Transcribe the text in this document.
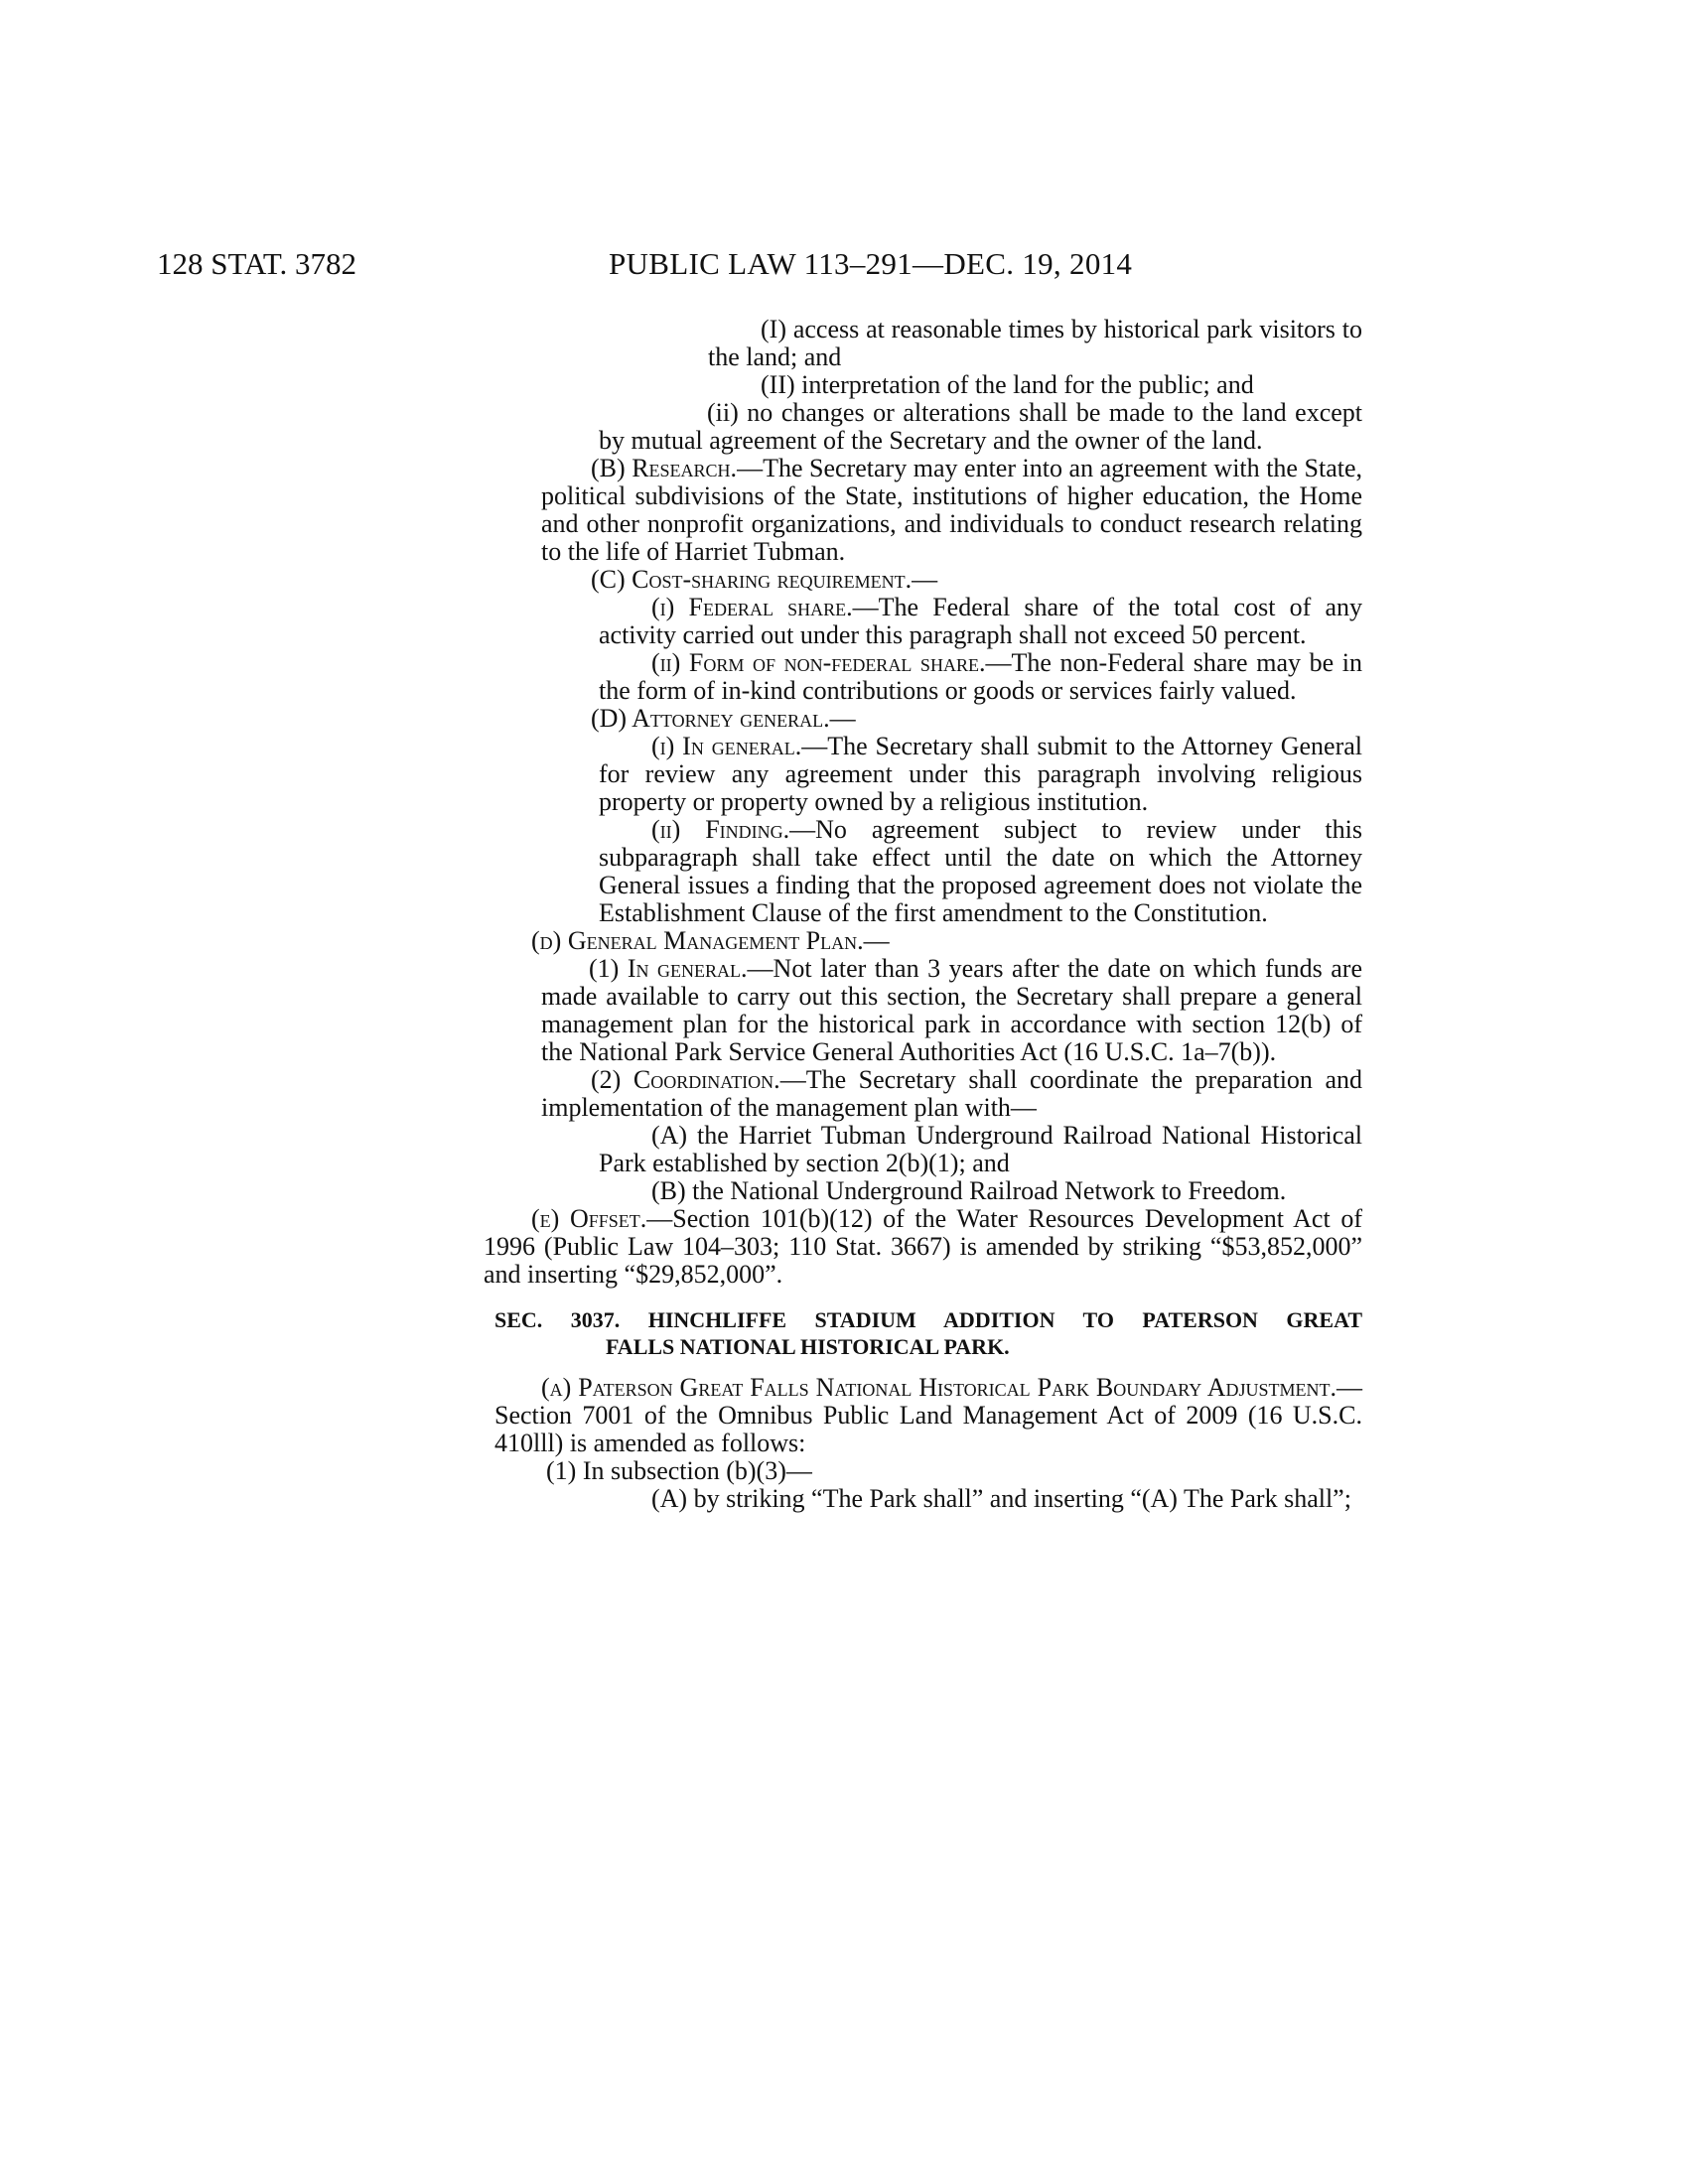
128 STAT. 3782	PUBLIC LAW 113–291—DEC. 19, 2014

(I) access at reasonable times by historical park visitors to the land; and

(II) interpretation of the land for the public; and

(ii) no changes or alterations shall be made to the land except by mutual agreement of the Secretary and the owner of the land.

(B) Research.—The Secretary may enter into an agreement with the State, political subdivisions of the State, institutions of higher education, the Home and other nonprofit organizations, and individuals to conduct research relating to the life of Harriet Tubman.

(C) Cost-sharing requirement.—

(i) Federal share.—The Federal share of the total cost of any activity carried out under this paragraph shall not exceed 50 percent.

(ii) Form of non-federal share.—The non-Federal share may be in the form of in-kind contributions or goods or services fairly valued.

(D) Attorney general.—

(i) In general.—The Secretary shall submit to the Attorney General for review any agreement under this paragraph involving religious property or property owned by a religious institution.

(ii) Finding.—No agreement subject to review under this subparagraph shall take effect until the date on which the Attorney General issues a finding that the proposed agreement does not violate the Establishment Clause of the first amendment to the Constitution.

(d) General Management Plan.—

(1) In general.—Not later than 3 years after the date on which funds are made available to carry out this section, the Secretary shall prepare a general management plan for the historical park in accordance with section 12(b) of the National Park Service General Authorities Act (16 U.S.C. 1a–7(b)).

(2) Coordination.—The Secretary shall coordinate the preparation and implementation of the management plan with—

(A) the Harriet Tubman Underground Railroad National Historical Park established by section 2(b)(1); and

(B) the National Underground Railroad Network to Freedom.

(e) Offset.—Section 101(b)(12) of the Water Resources Development Act of 1996 (Public Law 104–303; 110 Stat. 3667) is amended by striking “$53,852,000” and inserting “$29,852,000”.

SEC. 3037. HINCHLIFFE STADIUM ADDITION TO PATERSON GREAT
FALLS NATIONAL HISTORICAL PARK.

(a) Paterson Great Falls National Historical Park Boundary Adjustment.—Section 7001 of the Omnibus Public Land Management Act of 2009 (16 U.S.C. 410lll) is amended as follows:

(1) In subsection (b)(3)—

(A) by striking “The Park shall” and inserting “(A) The Park shall”;
